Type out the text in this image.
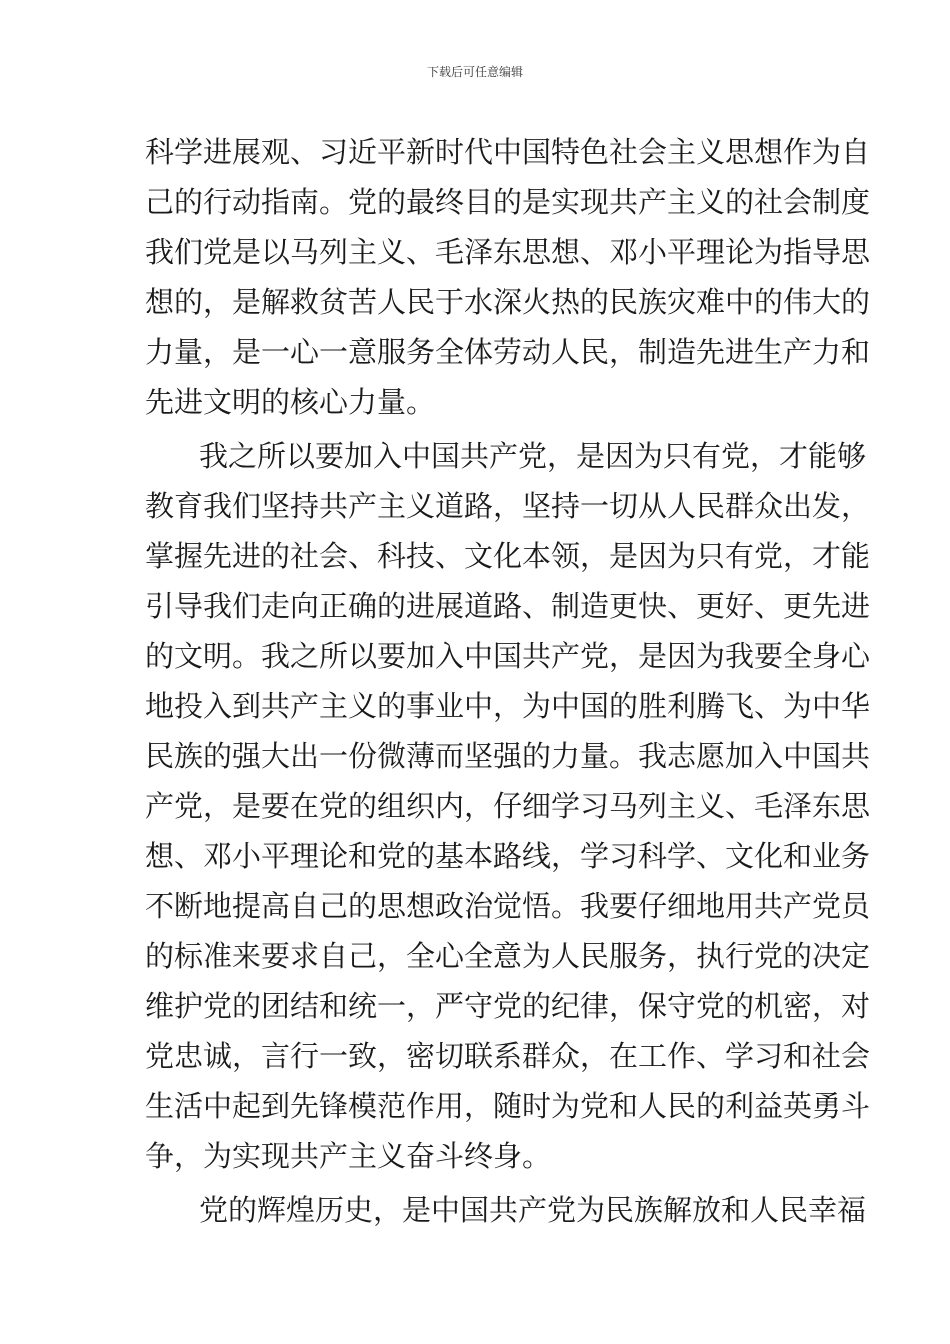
下载后可任意编辑
科学进展观、习近平新时代中国特色社会主义思想作为自
己的行动指南。党的最终目的是实现共产主义的社会制度
我们党是以马列主义、毛泽东思想、邓小平理论为指导思
想的，是解救贫苦人民于水深火热的民族灾难中的伟大的
力量，是一心一意服务全体劳动人民，制造先进生产力和
先进文明的核心力量。
我之所以要加入中国共产党，是因为只有党，才能够
教育我们坚持共产主义道路，坚持一切从人民群众出发，
掌握先进的社会、科技、文化本领，是因为只有党，才能
引导我们走向正确的进展道路、制造更快、更好、更先进
的文明。我之所以要加入中国共产党，是因为我要全身心
地投入到共产主义的事业中，为中国的胜利腾飞、为中华
民族的强大出一份微薄而坚强的力量。我志愿加入中国共
产党，是要在党的组织内，仔细学习马列主义、毛泽东思
想、邓小平理论和党的基本路线，学习科学、文化和业务
不断地提高自己的思想政治觉悟。我要仔细地用共产党员
的标准来要求自己，全心全意为人民服务，执行党的决定
维护党的团结和统一，严守党的纪律，保守党的机密，对
党忠诚，言行一致，密切联系群众，在工作、学习和社会
生活中起到先锋模范作用，随时为党和人民的利益英勇斗
争，为实现共产主义奋斗终身。
党的辉煌历史，是中国共产党为民族解放和人民幸福
